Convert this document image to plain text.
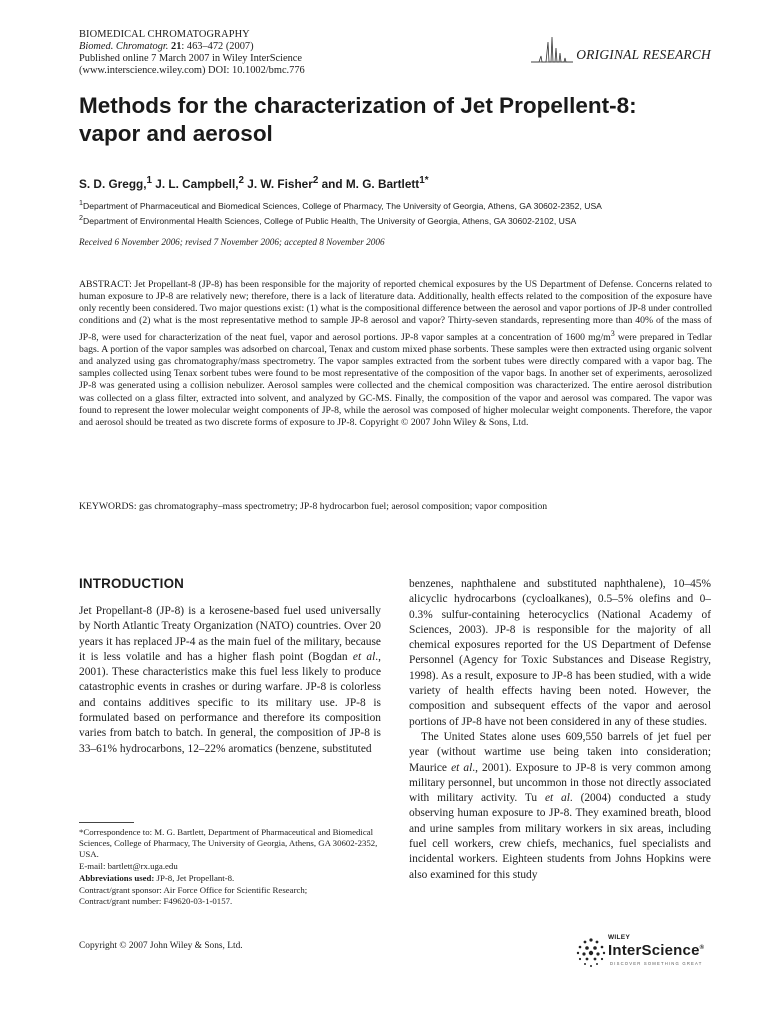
BIOMEDICAL CHROMATOGRAPHY
Biomed. Chromatogr. 21: 463–472 (2007)
Published online 7 March 2007 in Wiley InterScience
(www.interscience.wiley.com) DOI: 10.1002/bmc.776
ORIGINAL RESEARCH
Methods for the characterization of Jet Propellent-8:
vapor and aerosol
S. D. Gregg,$^1$ J. L. Campbell,$^2$ J. W. Fisher$^2$ and M. G. Bartlett$^{1*}$
$^1$Department of Pharmaceutical and Biomedical Sciences, College of Pharmacy, The University of Georgia, Athens, GA 30602-2352, USA
$^2$Department of Environmental Health Sciences, College of Public Health, The University of Georgia, Athens, GA 30602-2102, USA
Received 6 November 2006; revised 7 November 2006; accepted 8 November 2006

ABSTRACT: Jet Propellant-8 (JP-8) has been responsible for the majority of reported chemical exposures by the US Department of Defense. Concerns related to human exposure to JP-8 are relatively new; therefore, there is a lack of literature data. Additionally, health effects related to the composition of the exposure have only recently been considered. Two major questions exist: (1) what is the compositional difference between the aerosol and vapor portions of JP-8 under controlled conditions and (2) what is the most representative method to sample JP-8 aerosol and vapor? Thirty-seven standards, representing more than 40% of the mass of JP-8, were used for characterization of the neat fuel, vapor and aerosol portions. JP-8 vapor samples at a concentration of 1600 $mg/m^3$ were prepared in Tedlar bags. A portion of the vapor samples was adsorbed on charcoal, Tenax and custom mixed phase sorbents. These samples were then extracted using organic solvent and analyzed using gas chromatography/mass spectrometry. The vapor samples extracted from the sorbent tubes were directly compared with a vapor bag. The samples collected using Tenax sorbent tubes were found to be most representative of the composition of the vapor bags. In another set of experiments, aerosolized JP-8 was generated using a collision nebulizer. Aerosol samples were collected and the chemical composition was characterized. The entire aerosol distribution was collected on a glass filter, extracted into solvent, and analyzed by GC-MS. Finally, the composition of the vapor and aerosol was compared. The vapor was found to represent the lower molecular weight components of JP-8, while the aerosol was composed of higher molecular weight components. Therefore, the vapor and aerosol should be treated as two discrete forms of exposure to JP-8. Copyright © 2007 John Wiley & Sons, Ltd.

KEYWORDS: gas chromatography–mass spectrometry; JP-8 hydrocarbon fuel; aerosol composition; vapor composition
INTRODUCTION

Jet Propellant-8 (JP-8) is a kerosene-based fuel used universally by North Atlantic Treaty Organization (NATO) countries. Over 20 years it has replaced JP-4 as the main fuel of the military, because it is less volatile and has a higher flash point (Bogdan et al., 2001). These characteristics make this fuel less likely to produce catastrophic events in crashes or during warfare. JP-8 is colorless and contains additives specific to its military use. JP-8 is formulated based on performance and therefore its composition varies from batch to batch. In general, the composition of JP-8 is 33–61% hydrocarbons, 12–22% aromatics (benzene, substituted

benzenes, naphthalene and substituted naphthalene), 10–45% alicyclic hydrocarbons (cycloalkanes), 0.5–5% olefins and 0–0.3% sulfur-containing heterocyclics (National Academy of Sciences, 2003). JP-8 is responsible for the majority of all chemical exposures reported for the US Department of Defense Personnel (Agency for Toxic Substances and Disease Registry, 1998). As a result, exposure to JP-8 has been studied, with a wide variety of health effects having been noted. However, the composition and subsequent effects of the vapor and aerosol portions of JP-8 have not been considered in any of these studies.

The United States alone uses 609,550 barrels of jet fuel per year (without wartime use being taken into consideration; Maurice et al., 2001). Exposure to JP-8 is very common among military personnel, but uncommon in those not directly associated with military activity. Tu et al. (2004) conducted a study observing human exposure to JP-8. They examined breath, blood and urine samples from military workers in six areas, including fuel cell workers, crew chiefs, mechanics, fuel specialists and incidental workers. Eighteen students from Johns Hopkins were also examined for this study

*Correspondence to: M. G. Bartlett, Department of Pharmaceutical and Biomedical Sciences, College of Pharmacy, The University of Georgia, Athens, GA 30602-2352, USA.

E-mail: bartlett@rx.uga.edu

Abbreviations used: JP-8, Jet Propellant-8.

Contract/grant sponsor: Air Force Office for Scientific Research;
Contract/grant number: F49620-03-1-0157.

Copyright © 2007 John Wiley & Sons, Ltd.
WILEY
InterScience®
DISCOVER SOMETHING GREAT
